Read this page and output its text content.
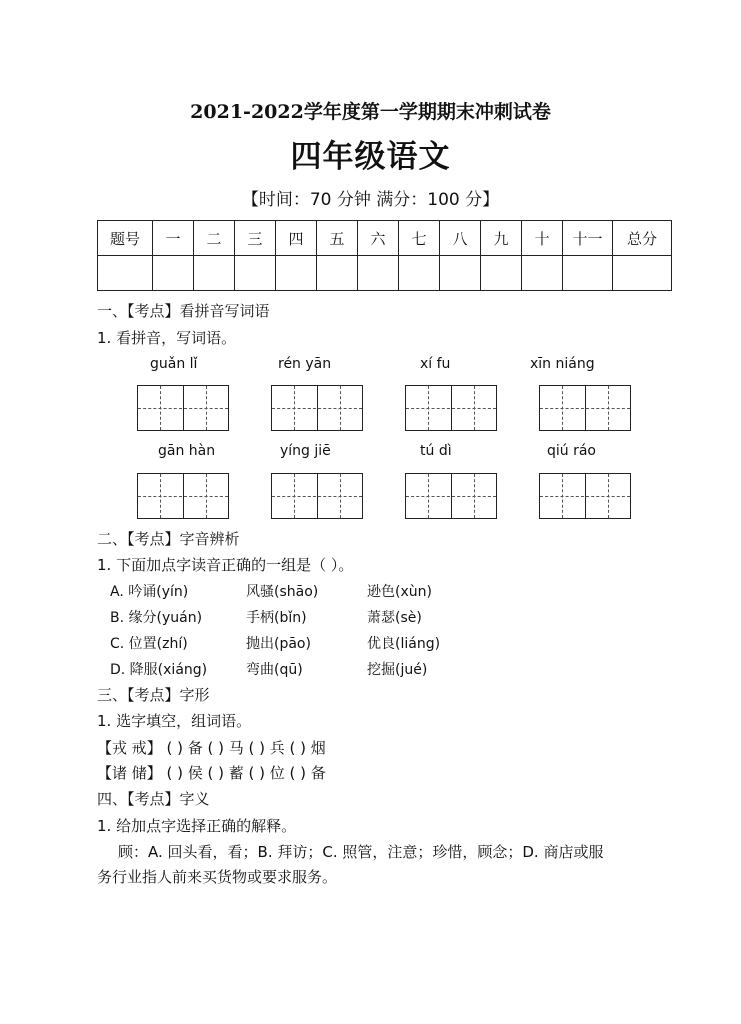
2021-2022学年度第一学期期末冲刺试卷
四年级语文
【时间：70 分钟 满分：100 分】
题号	一	二	三	四	五	六	七	八	九	十	十一	总分

一、【考点】看拼音写词语
1. 看拼音，写词语。
guǎn lǐ	rén yān	xí fu	xīn niáng
gān hàn	yíng jiē	tú dì	qiú ráo
二、【考点】字音辨析
1. 下面加点字读音正确的一组是（ ）。
A. 吟诵(yín)	风骚(shāo)	逊色(xùn)
B. 缘分(yuán)	手柄(bǐn)	萧瑟(sè)
C. 位置(zhí)	抛出(pāo)	优良(liáng)
D. 降服(xiáng)	弯曲(qū)	挖掘(jué)
三、【考点】字形
1. 选字填空，组词语。
【戎 戒】 ( ) 备 ( ) 马 ( ) 兵 ( ) 烟
【诸 储】 ( ) 侯 ( ) 蓄 ( ) 位 ( ) 备
四、【考点】字义
1. 给加点字选择正确的解释。
顾：A. 回头看，看；B. 拜访；C. 照管，注意；珍惜，顾念；D. 商店或服
务行业指人前来买货物或要求服务。
